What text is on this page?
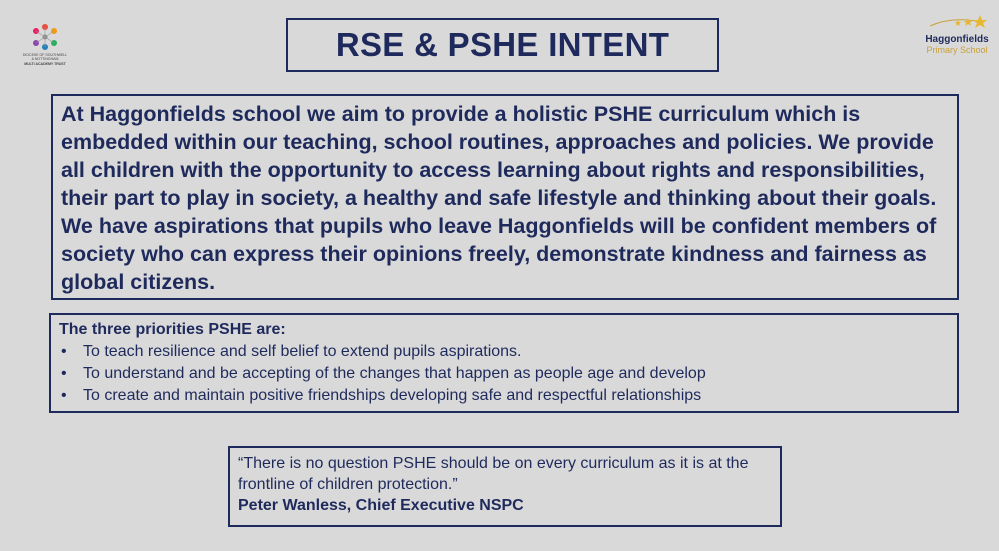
DIOCESE OF SOUTHWELL
& NOTTINGHAM
MULTI ACADEMY TRUST
Haggonfields
Primary School
RSE & PSHE INTENT

At Haggonfields school we aim to provide a holistic PSHE curriculum which is embedded within our teaching, school routines, approaches and policies. We provide all children with the opportunity to access learning about rights and responsibilities, their part to play in society, a healthy and safe lifestyle and thinking about their goals. We have aspirations that pupils who leave Haggonfields will be confident members of society who can express their opinions freely, demonstrate kindness and fairness as global citizens.

The three priorities PSHE are:
• To teach resilience and self belief to extend pupils aspirations.
• To understand and be accepting of the changes that happen as people age and develop
• To create and maintain positive friendships developing safe and respectful relationships
“There is no question PSHE should be on every curriculum as it is at the frontline of children protection.”
Peter Wanless, Chief Executive NSPC
